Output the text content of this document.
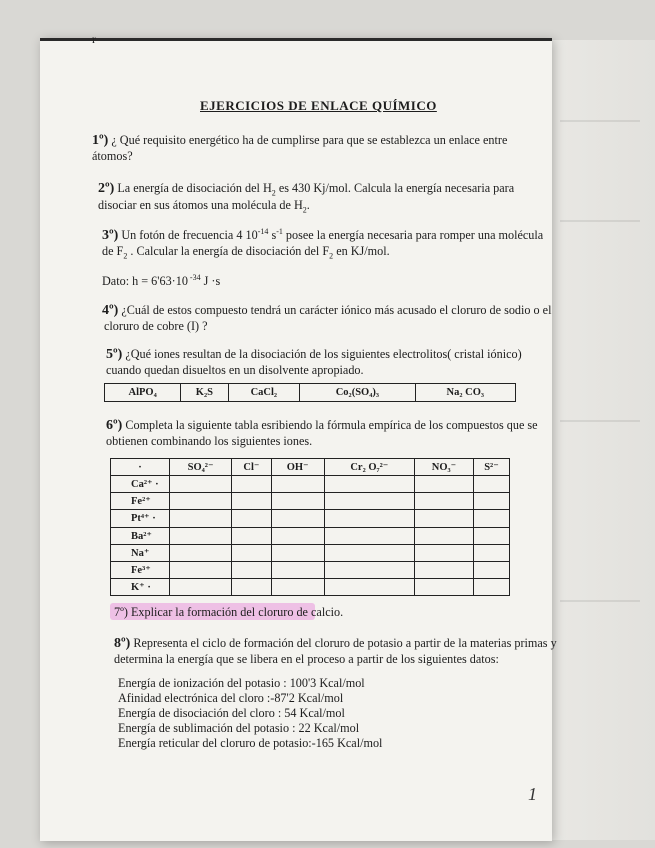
r
EJERCICIOS DE ENLACE QUÍMICO
1º) ¿ Qué requisito energético ha de cumplirse para que se establezca un enlace entre
átomos?
2º) La energía de disociación del $H_2$ es 430 Kj/mol. Calcula la energía necesaria para
disociar en sus átomos una molécula de $H_2$.
3º) Un fotón de frecuencia 4 $10^{-14}$ $s^{-1}$ posee la energía necesaria para romper una molécula
de $F_2$ . Calcular la energía de disociación del $F_2$ en KJ/mol.
Dato: h = 6'63·10 $^{-34}$ J ·s
4º) ¿Cuál de estos compuesto tendrá un carácter iónico más acusado el cloruro de sodio o el
cloruro de cobre (I) ?
5º) ¿Qué iones resultan de la disociación de los siguientes electrolitos( cristal iónico)
cuando quedan disueltos en un disolvente apropiado.
AlPO₄	K₂S	CaCl₂	Co₂(SO₄)₃	Na₂ CO₃
6º) Completa la siguiente tabla esribiendo la fórmula empírica de los compuestos que se
obtienen combinando los siguientes iones.
·	SO₄²⁻	Cl⁻	OH⁻	Cr₂ O₇²⁻	NO₃⁻	S²⁻
Ca²⁺ ·						
Fe²⁺						
Pt⁴⁺ ·						
Ba²⁺						
Na⁺						
Fe³⁺						
K⁺ ·						
7º) Explicar la formación del cloruro de calcio.
8º) Representa el ciclo de formación del cloruro de potasio a partir de la materias primas y
determina la energía que se libera en el proceso a partir de los siguientes datos:
Energía de ionización del potasio : 100'3 Kcal/mol
Afinidad electrónica del cloro :-87'2 Kcal/mol
Energía de disociación del cloro : 54 Kcal/mol
Energía de sublimación del potasio : 22 Kcal/mol
Energía reticular del cloruro de potasio:-165 Kcal/mol
1
